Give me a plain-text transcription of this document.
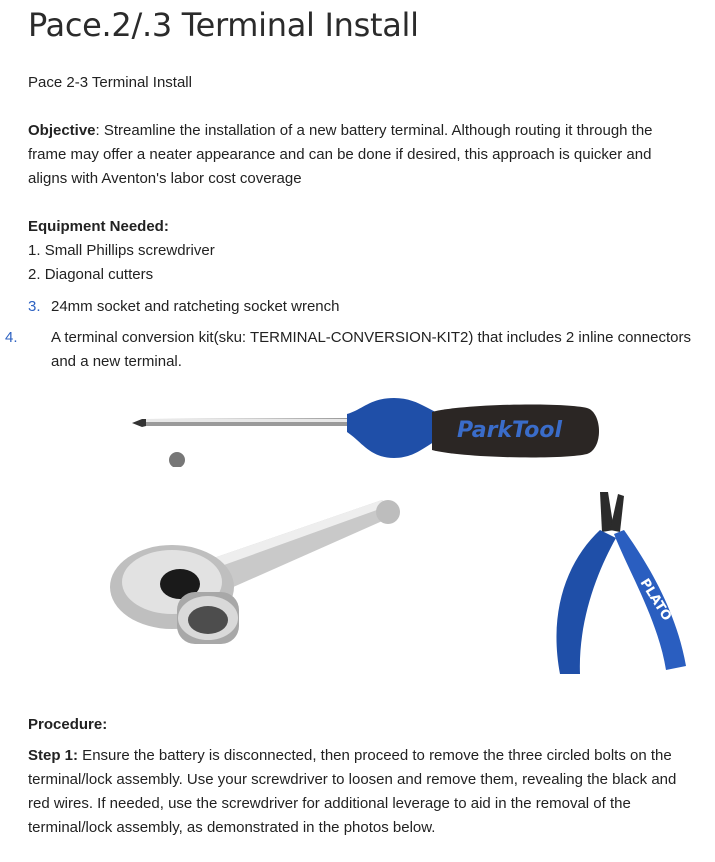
Pace.2/.3 Terminal Install
Pace 2-3 Terminal Install
Objective: Streamline the installation of a new battery terminal. Although routing it through the frame may offer a neater appearance and can be done if desired, this approach is quicker and aligns with Aventon's labor cost coverage
Equipment Needed:
1. Small Phillips screwdriver
2. Diagonal cutters
3. 24mm socket and ratcheting socket wrench
4. A terminal conversion kit(sku: TERMINAL-CONVERSION-KIT2) that includes 2 inline connectors and a new terminal.
ParkTool
PLATO
Procedure:
Step 1: Ensure the battery is disconnected, then proceed to remove the three circled bolts on the terminal/lock assembly. Use your screwdriver to loosen and remove them, revealing the black and red wires. If needed, use the screwdriver for additional leverage to aid in the removal of the terminal/lock assembly, as demonstrated in the photos below.
